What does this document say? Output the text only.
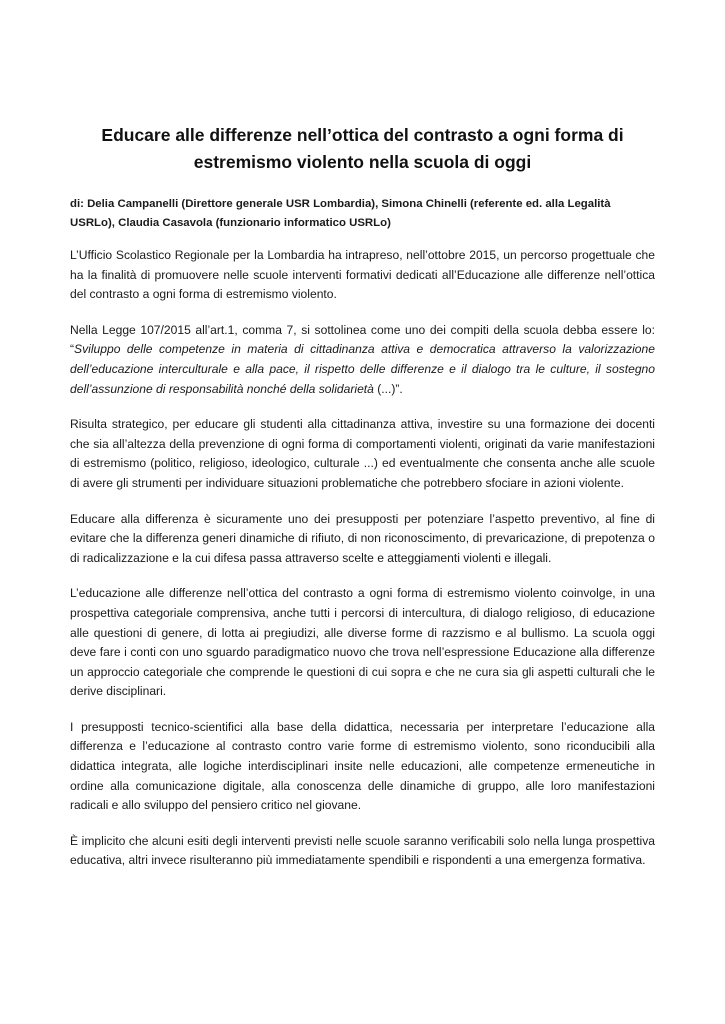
Educare alle differenze nell’ottica del contrasto a ogni forma di
estremismo violento nella scuola di oggi

di: Delia Campanelli (Direttore generale USR Lombardia), Simona Chinelli (referente ed. alla Legalità USRLo), Claudia Casavola (funzionario informatico USRLo)

L’Ufficio Scolastico Regionale per la Lombardia ha intrapreso, nell’ottobre 2015, un percorso progettuale che ha la finalità di promuovere nelle scuole interventi formativi dedicati all’Educazione alle differenze nell’ottica del contrasto a ogni forma di estremismo violento.

Nella Legge 107/2015 all’art.1, comma 7, si sottolinea come uno dei compiti della scuola debba essere lo: “Sviluppo delle competenze in materia di cittadinanza attiva e democratica attraverso la valorizzazione dell’educazione interculturale e alla pace, il rispetto delle differenze e il dialogo tra le culture, il sostegno dell’assunzione di responsabilità nonché della solidarietà (...)”.

Risulta strategico, per educare gli studenti alla cittadinanza attiva, investire su una formazione dei docenti che sia all’altezza della prevenzione di ogni forma di comportamenti violenti, originati da varie manifestazioni di estremismo (politico, religioso, ideologico, culturale ...) ed eventualmente che consenta anche alle scuole di avere gli strumenti per individuare situazioni problematiche che potrebbero sfociare in azioni violente.

Educare alla differenza è sicuramente uno dei presupposti per potenziare l’aspetto preventivo, al fine di evitare che la differenza generi dinamiche di rifiuto, di non riconoscimento, di prevaricazione, di prepotenza o di radicalizzazione e la cui difesa passa attraverso scelte e atteggiamenti violenti e illegali.

L’educazione alle differenze nell’ottica del contrasto a ogni forma di estremismo violento coinvolge, in una prospettiva categoriale comprensiva, anche tutti i percorsi di intercultura, di dialogo religioso, di educazione alle questioni di genere, di lotta ai pregiudizi, alle diverse forme di razzismo e al bullismo. La scuola oggi deve fare i conti con uno sguardo paradigmatico nuovo che trova nell’espressione Educazione alla differenze un approccio categoriale che comprende le questioni di cui sopra e che ne cura sia gli aspetti culturali che le derive disciplinari.

I presupposti tecnico-scientifici alla base della didattica, necessaria per interpretare l’educazione alla differenza e l’educazione al contrasto contro varie forme di estremismo violento, sono riconducibili alla didattica integrata, alle logiche interdisciplinari insite nelle educazioni, alle competenze ermeneutiche in ordine alla comunicazione digitale, alla conoscenza delle dinamiche di gruppo, alle loro manifestazioni radicali e allo sviluppo del pensiero critico nel giovane.

È implicito che alcuni esiti degli interventi previsti nelle scuole saranno verificabili solo nella lunga prospettiva educativa, altri invece risulteranno più immediatamente spendibili e rispondenti a una emergenza formativa.
